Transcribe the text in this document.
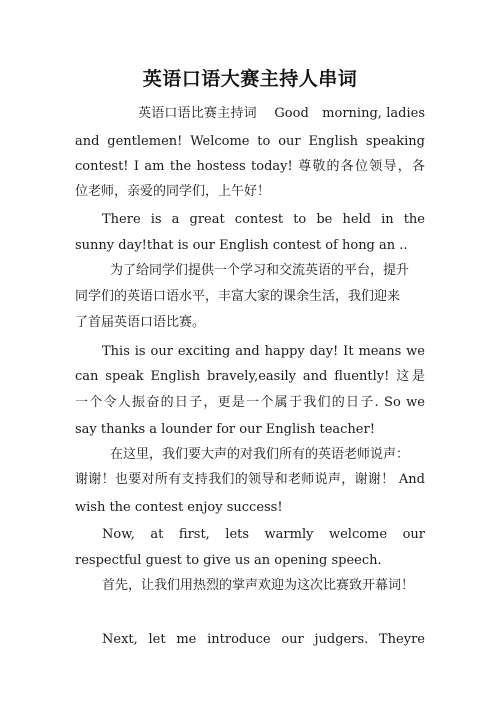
英语口语大赛主持人串词
英语口语比赛主持词　 Good　morning, ladies
and gentlemen! Welcome to our English speaking
contest! I am the hostess today! 尊敬的各位领导，各
位老师，亲爱的同学们，上午好！
There is a great contest to be held in the
sunny day!that is our English contest of hong an ..
为了给同学们提供一个学习和交流英语的平台，提升
同学们的英语口语水平，丰富大家的课余生活，我们迎来
了首届英语口语比赛。
This is our exciting and happy day! It means we
can speak English bravely,easily and fluently! 这是
一个令人振奋的日子，更是一个属于我们的日子. So we
say thanks a lounder for our English teacher!
在这里，我们要大声的对我们所有的英语老师说声：
谢谢！也要对所有支持我们的领导和老师说声，谢谢！ And
wish the contest enjoy success!
Now, at first, lets warmly welcome our
respectful guest to give us an opening speech.
首先，让我们用热烈的掌声欢迎为这次比赛致开幕词！
Next, let me introduce our judgers. Theyre
